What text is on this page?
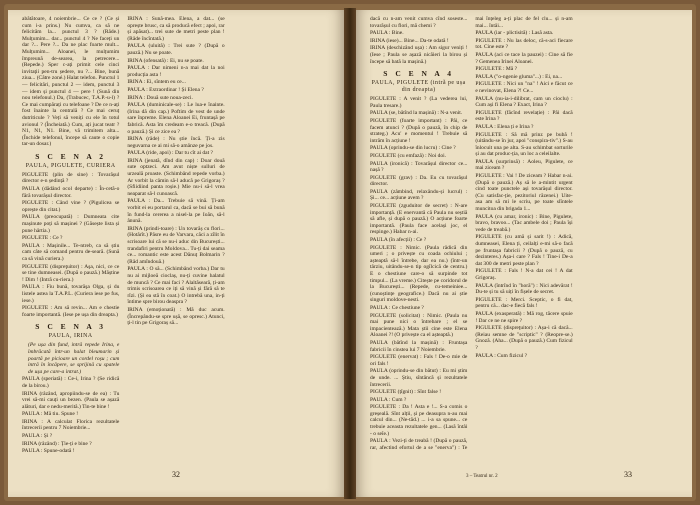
abătătoare, 4 noiembrie... Ce ce ? (Ce și cum i-a prins.) Nu cumva, ca să ne felicităm la... punctul 3 ? (Râde.) Mulțumim... dar... punctul 4 ? Ne faceți un dar ?... Pere ?... Da ne plac foarte mult... Mulțumim... Aloanei, le mulțumim împreună de-searea, la petrecere... (Repede.) Sper c-ați primit cele cinci invitații pen-tru ședere, nu ?... Bine, bună ziua... (Către zoné.) Halat telefon. Punctul 1 — felicitări, punctul 2 — idem, punctul 3 — idem și punctul 4 — pere ! (Sună din nou telefonul.) Da, (Trabucec, T.A.P.-u-l) ? Ce mai cumpărați cu telefoane ? De ce n-ați fost înainte la centrală ? Ce mai ceruț dutriticule ? Veți să veniți cu ele în totul avionul ? (Încheiată.) Cum, ați jucat teatr ? N1, N1, N1. Bine, vă trimitem alta... (Închide telefonul, începe să caute o copie tar-un dosar.)

S C E N A 2

PAULA, PIGULETE, CURIERA

PIGULETE (plin de sine) : Tovarășul director e-n ședință ?

PAULA (dădând ocol departe) : În-cetă-o fără tovarășul director.

PIGULETE : Când vine ? (Pigulicea se oprește din citat.)

PAULA (preocupată) : Dumneata cite mașinute poți să mașinei ? (Găsește lista și pune hârtia.)

PIGULETE : Ce ?

PAULA : Mașinile... Te-ntreb, ca să știu cam câte să comand pentru de-seară. (Sună ca să vină curiera.)

PIGULETE (dispreţuitor) : Aşa, nici, ce ce se tine dumneasei. (După o pauză.) Măștine ! Dim ! (Intră cu-riera.)

PAULA : Fiu bună, tovarăşa Olga, și du listele astea la T.A.P.L. (Curiera iese pe fus, iese.)

PIGULETE : Am să revin... Am e chestie foarte importantă. (Iese pe ușa din dreapta.)

S C E N A 3

PAULA, IRINA

(Pe ușa din fund, intră repede Irina, e îmbrăcată într-un halat bleumarin și poartă pe picioare un cordel roșu ; cum intră în încăpere, se sprijină cu spatele de ușa pe care-a intrat.)

PAULA (speriată) : Ce-i, Irina ? (Se ridică de la birou.)

IRINA (râzând, apropiindu-se de ea) : Tu vrei să-mi cauți un bezen. (Paula se așază alături, dar e nedu-merită.) Tin-te bine !

PAULA : Mă tiu. Spune !

IRINA : A calculat Florica rezultatele întrecerii pentru 7 Noiembrie...

PAULA : Și ?

IRINA (râzând) : Ție-ți e bine ?

PAULA : Spune-odată !

IRINA : Sună-mea. Elena, a dat... (se oprește brusc, ca să producă efect ; apoi, rar și apăsat)... trei sute de metri peste plan ! (Râde încîntată.)

PAULA (uluită) : Trei sute ? (După o pauză.) Nu se poate.

IRINA (ofensată) : Ei, nu se poate.

PAULA : Dar nimeni n-a mai dat la noi producția asta !

IRINA : Ei, sîntem eu ce...

PAULA : Extraordinar ! Și Elena ?

IRINA : Două sute noua-zeci.

PAULA (duminicale-se) : Le lua-e înainte. (Irina dă din cap.) Poftim de vest de unde sare înpreme. Elena Aloanei Ei, fruntașă pe fabrică. Asta îm credeam e-o treacă. (După o pauză.) Și ce zice ea ?

IRINA (râde) : Nu știe încă. Ți-a zis neguvarna ce ai mi să-o amânze pe jos.

PAULA (ride, apoi) : Dar tu cît ai dat ?

IRINA (jenată, dînd din cap) : Doar două sute optzeci. Am avut niște sulluri de urzeală proaste. (Schimbând repede vorba.) Ar vorbit la câmin să-l aducă pe Grigoraș ? (Sfiidiind panta roșie.) Mie nu-i să-l vrea neaparat să-l cunoască.

PAULA : Da... Trebuie să vină. Ți-am vorbit ei eu portarul ca, dacă se bui să bună în fund-la cererea a nisel-la pe Ioăn, să-l ânună.

IRINA (prindi-toare) : Un tovarăș cu flori... (Hotărît.) Păsre eu de Varvara, căci a zîlit în scrisoare lui că se nu-i aduc din București... trandafiri pentru Moldova... Tu-ți dai seama ce... romantic este acest Dănuț Bolmarin ? (Râd amîndouă.)

PAULA : O să... (Schimbând vorba.) Dar tu nu ai mijloeă cioclaș, nu-ți cuvine halatul de muncă ? Ce mai faci ? Alaltăseară, ți-am trimis scrisoarea ce iți să vină și fără să te rîzi. (Și ea stă în coat.) O intrebă una, in-ți întime spre birou deaspra ?

IRINA (emoționată) : Mă duc acum. (Încrepându-se spre ușă, se opresc.) Atunci, ți-l tin pe Grigoraș să...

32

dacă cu n-am venit cumva cînd soseste... tovarășul cu flori, mă chemi ?

PAULA : Bine.

IRINA (iese)... Bine... Da-te odată !

IRINA (deschizând ușa) : Am sigur veniți ! (Iese ; Paula se așază nicăieri la birou și începe să bată la mașină.)

S C E N A 4

PAULA, PIGULETE (intră pe ușa din dreapta)

PIGULETE : A venit ? (La vederea lui, Paula tresare.)

PAULA (se, bătînd la mașină) : N-a venit.

PIGULETE (foarte important) : Păi, ce facem atunci ? (După o pauză, în chip de strateg.) Acu' e momentul ! Trebuie să intrăm în acțiune !

PAULA (oprindu-se din lucru) : Cine ?

PIGULETE (cu emfază) : Noi doi.

PAULA (ironică) : Tovarășul director ce... nașă ?

PIGULETE (grav) : Da. Eu cu tovarășul director.

PAULA (zâmbind, relaxându-și lucrul) : Și... ce... acțiune avem ?

PIGULETE (zguduitor de secret) : N-are importanță. (E enervantă că Paula nu seștiă să afle, și după o pauză.) O acțiune foarte importantă. (Paula face același joc, el respinge.) Habar n-ai.

PAULA (în afecții) : Ce ?

PIGULETE : Nimic. (Paula râdică din umeri ; o privește cu coada ochiului ; așteaptă să-l întrebe, dar ea nu.) (într-un târziu, uitându-se-n tip ogîlcică de centru.) E o chestiune care-o să surpinde tot timpul... (La vreme.) Citește pe coridorul de la București... (Repede, cu-temeiniee... (cunoștințe geografice.) Dacă nu ai știe singuri moldove-nesti.

PAULA : Ce chestiune ?

PIGULETE (solicitat) : Nimic. (Paula nu mai pune nici o întrebare ; el se impacientează.) Mata știi cine este Elena Aloanei ?! (O privește ca el așteaptă.)

PAULA (bătînd la mașină) : Fruntașa fabricii în cinstea lui 7 Noiembrie.

PIGULETE (enervat) : Fals ! De-o mie de ori fals !

PAULA (oprindu-se din bătut) : Eu mi știm de unde. ... Știu, sîntâncă și rezultatele întrecerii.

PIGULETE (țîgnit) : Sînt false !

PAULA : Cum ?

PIGULETE : Da ! Asta e !... S-a comis o greșeală. Sînt alții, și pe deasupra n-au mai calcul din... (Ne-tăd.) ... i-a sa spune... ce trebuie aceasta rezultatele gen... (Lasă întâi - o seîe.)

PAULA : Vezi-ți de treabă ! (După o pauză, rar, afectind efortul de a se "enerva") : Te mai înțeleg a-ți plac de fel clu... și n-am mai... întâi...

PAULA (iar - plictisită) : Lasă asta.

PIGULETE : Nu las deloc, că-s-aci fiecare tot. Cine este ?

PAULA (aci ce tace la pauzei) : Cine să fie ? Gemenea Irinei Aloanei.

PIGULETE : Mă ?

PAULA ("o-ngenie gluma"...) : Ei, na...

PIGULETE : Nici un "na" ! Aici e făcut ce e nevinovat, Elena ?! Ce...

PAULA (nu-ia-i-dilibrat, cam un cioclu) : Cum ași fi Elena ? Exact, Irina ?

PIGULETE (făcînd revelație) : Păi dacă este Irina ?

PAULA : Elena ți e Irina ?

PIGULETE : Să mă prinz pe bubă ! (uitându-se în jur, apoi "conspira-tiv".) S-au înlocuit una pe alta. S-au schimbat sorturile și au dat produc-ția, un loc a celeilalte.

PAULA (surprinsă) : Aoleu, Pigulete, ce mai ziceam ?

PIGULETE : Vai ! De ziceam ? Habar n-ai. (După o pauză.) Aș să le a-mintit urgent cind toate punctele ași tovarășul director. (Cu satisfac-ție, pezitoriul răzenei.) Uite-asa am să mi le scriu, pe toate slîntele muncitoa din brigada 1...

PAULA (cu amar, ironic) : Bine, Pigulete, bravo, bravoo... (Tac ambele doi ; Paula își vede de treabă.)

PIGULETE (cu amă și sarit !) : Adică, dumneasei, Elena ți, ceilalți e-mi să-o facă pe fruntașa fabricii ? (După o pauză, cu dezinteres.) Așa-i care ? Fals ! Tine-i De-a dat 300 de metri peste plan ?

PIGULETE : Fals ! N-a dat cei ! A dat Grigoraș.

PAULA (întrînd în "horă") : Nici adevărat ! Du-te și tu să uiți în fișele de secret.

PIGULETE : Merci. Sceptic, o fi dat, pentru că... dac-e fiecă fals !

PAULA (exasperată) : Mă rog, tăcere spuie ! Dar ce ne ne spire ?

PIGULETE (dispreţuitor) : Așa-i că dacă... (Reiau semne de "scriptic" ? (Reopre-se.) Gnoză. (Aha... (După o pauză.) Cum fizicul ?

PAULA : Cum fizicul ?

3 – Teatrul nr. 2	33
